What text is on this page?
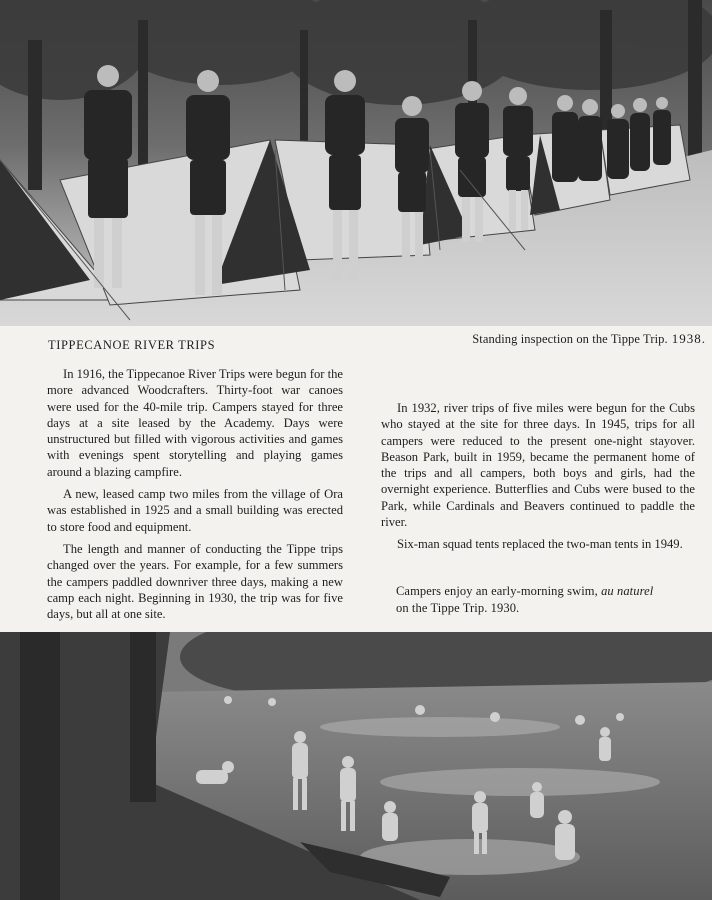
Standing inspection on the Tippe Trip. 1938.
TIPPECANOE RIVER TRIPS

In 1916, the Tippecanoe River Trips were begun for the more advanced Woodcrafters. Thirty-foot war canoes were used for the 40-mile trip. Campers stayed for three days at a site leased by the Academy. Days were unstructured but filled with vigorous activities and games with evenings spent storytelling and playing games around a blazing campfire.

A new, leased camp two miles from the village of Ora was established in 1925 and a small building was erected to store food and equipment.

The length and manner of conducting the Tippe trips changed over the years. For example, for a few summers the campers paddled downriver three days, making a new camp each night. Beginning in 1930, the trip was for five days, but all at one site.

In 1932, river trips of five miles were begun for the Cubs who stayed at the site for three days. In 1945, trips for all campers were reduced to the present one-night stayover. Beason Park, built in 1959, became the permanent home of the trips and all campers, both boys and girls, had the overnight experience. Butterflies and Cubs were bused to the Park, while Cardinals and Beavers continued to paddle the river.

Six-man squad tents replaced the two-man tents in 1949.

Campers enjoy an early-morning swim, au naturel
on the Tippe Trip. 1930.
